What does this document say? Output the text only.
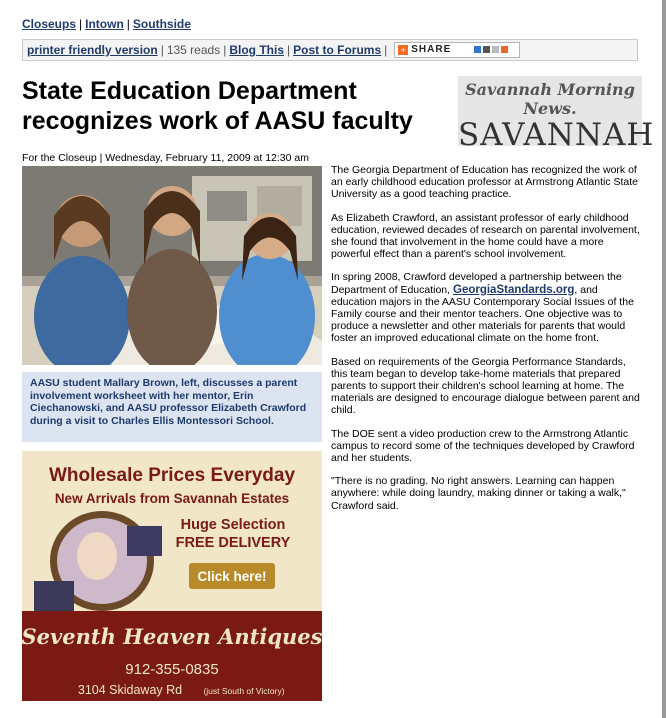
Closeups | Intown | Southside
printer friendly version | 135 reads | Blog This | Post to Forums | + SHARE
State Education Department recognizes work of AASU faculty
Savannah Morning News.
SAVANNAH
For the Closeup | Wednesday, February 11, 2009 at 12:30 am
AASU student Mallary Brown, left, discusses a parent involvement worksheet with her mentor, Erin Ciechanowski, and AASU professor Elizabeth Crawford during a visit to Charles Ellis Montessori School.
Wholesale Prices Everyday
New Arrivals from Savannah Estates
Huge Selection
FREE DELIVERY
Click here!
Seventh Heaven Antiques
912-355-0835
3104 Skidaway Rd	(just South of Victory)

The Georgia Department of Education has recognized the work of an early childhood education professor at Armstrong Atlantic State University as a good teaching practice.

As Elizabeth Crawford, an assistant professor of early childhood education, reviewed decades of research on parental involvement, she found that involvement in the home could have a more powerful effect than a parent's school involvement.

In spring 2008, Crawford developed a partnership between the Department of Education, GeorgiaStandards.org, and education majors in the AASU Contemporary Social Issues of the Family course and their mentor teachers. One objective was to produce a newsletter and other materials for parents that would foster an improved educational climate on the home front.

Based on requirements of the Georgia Performance Standards, this team began to develop take-home materials that prepared parents to support their children's school learning at home. The materials are designed to encourage dialogue between parent and child.

The DOE sent a video production crew to the Armstrong Atlantic campus to record some of the techniques developed by Crawford and her students.

"There is no grading. No right answers. Learning can happen anywhere: while doing laundry, making dinner or taking a walk," Crawford said.
